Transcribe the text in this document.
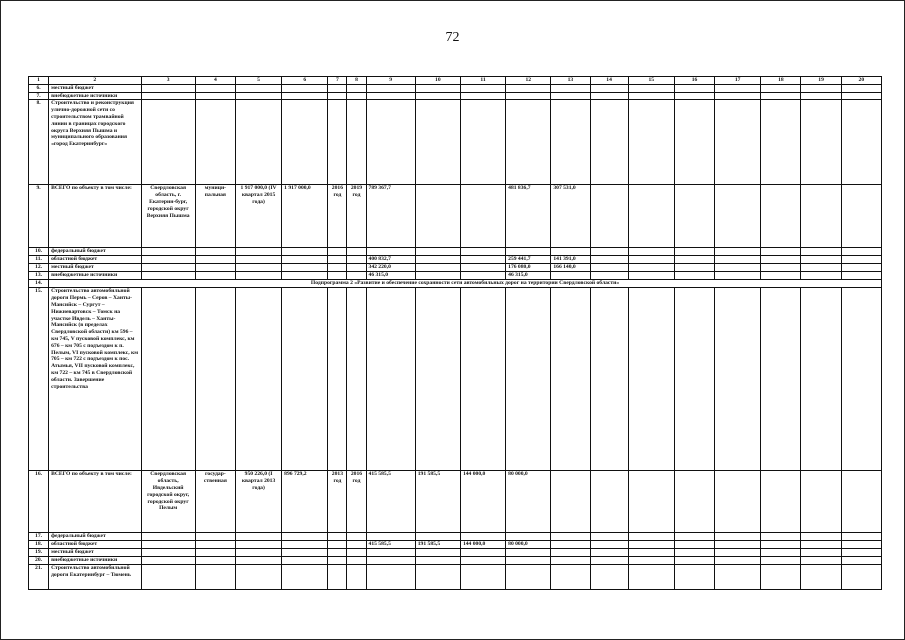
72
1	2	3	4	5	6	7	8	9	10	11	12	13	14	15	16	17	18	19	20
6.	местный бюджет																		
7.	внебюджетные источники																		
8.	Строительство и реконструкция улично-дорожной сети со строительством трамвайной линии в границах городского округа Верхняя Пышма и муниципального образования «город Екатеринбург»																		
9.	ВСЕГО по объекту в том числе:	Свердловская область, г. Екатерин-бург, городской округ Верхняя Пышма	муници-пальная	1 917 000,0 (IV квартал 2015 года)	1 917 000,0	2016 год	2019 год	789 367,7			481 836,7	307 531,0							
10.	федеральный бюджет																		
11.	областной бюджет							400 832,7			259 441,7	141 391,0							
12.	местный бюджет							342 220,0			176 080,0	166 140,0							
13.	внебюджетные источники							46 315,0			46 315,0								
14.	Подпрограмма 2 «Развитие и обеспечение сохранности сети автомобильных дорог на территории Свердловской области»																		
15.	Строительство автомобильной дороги Пермь – Серов – Ханты-Мансийск – Сургут – Нижневартовск – Томск на участке Ивдель – Ханты-Мансийск (в пределах Свердловской области) км 596 – км 745, V пусковой комплекс, км 676 – км 705 с подъездом к п. Пелым, VI пусковой комплекс, км 705 – км 722 с подъездом к пос. Атымья, VII пусковой комплекс, км 722 – км 745 в Свердловской области. Завершение строительства																		
16.	ВСЕГО по объекту в том числе:	Свердловская область, Ивдельский городской округ, городской округ Пелым	государ-ственная	950 226,0 (I квартал 2013 года)	896 729,2	2013 год	2016 год	415 585,5	191 585,5	144 000,0	80 000,0								
17.	федеральный бюджет																		
18.	областной бюджет							415 585,5	191 585,5	144 000,0	80 000,0								
19.	местный бюджет																		
20.	внебюджетные источники																		
21.	Строительство автомобильной дороги Екатеринбург – Тюмень																		
